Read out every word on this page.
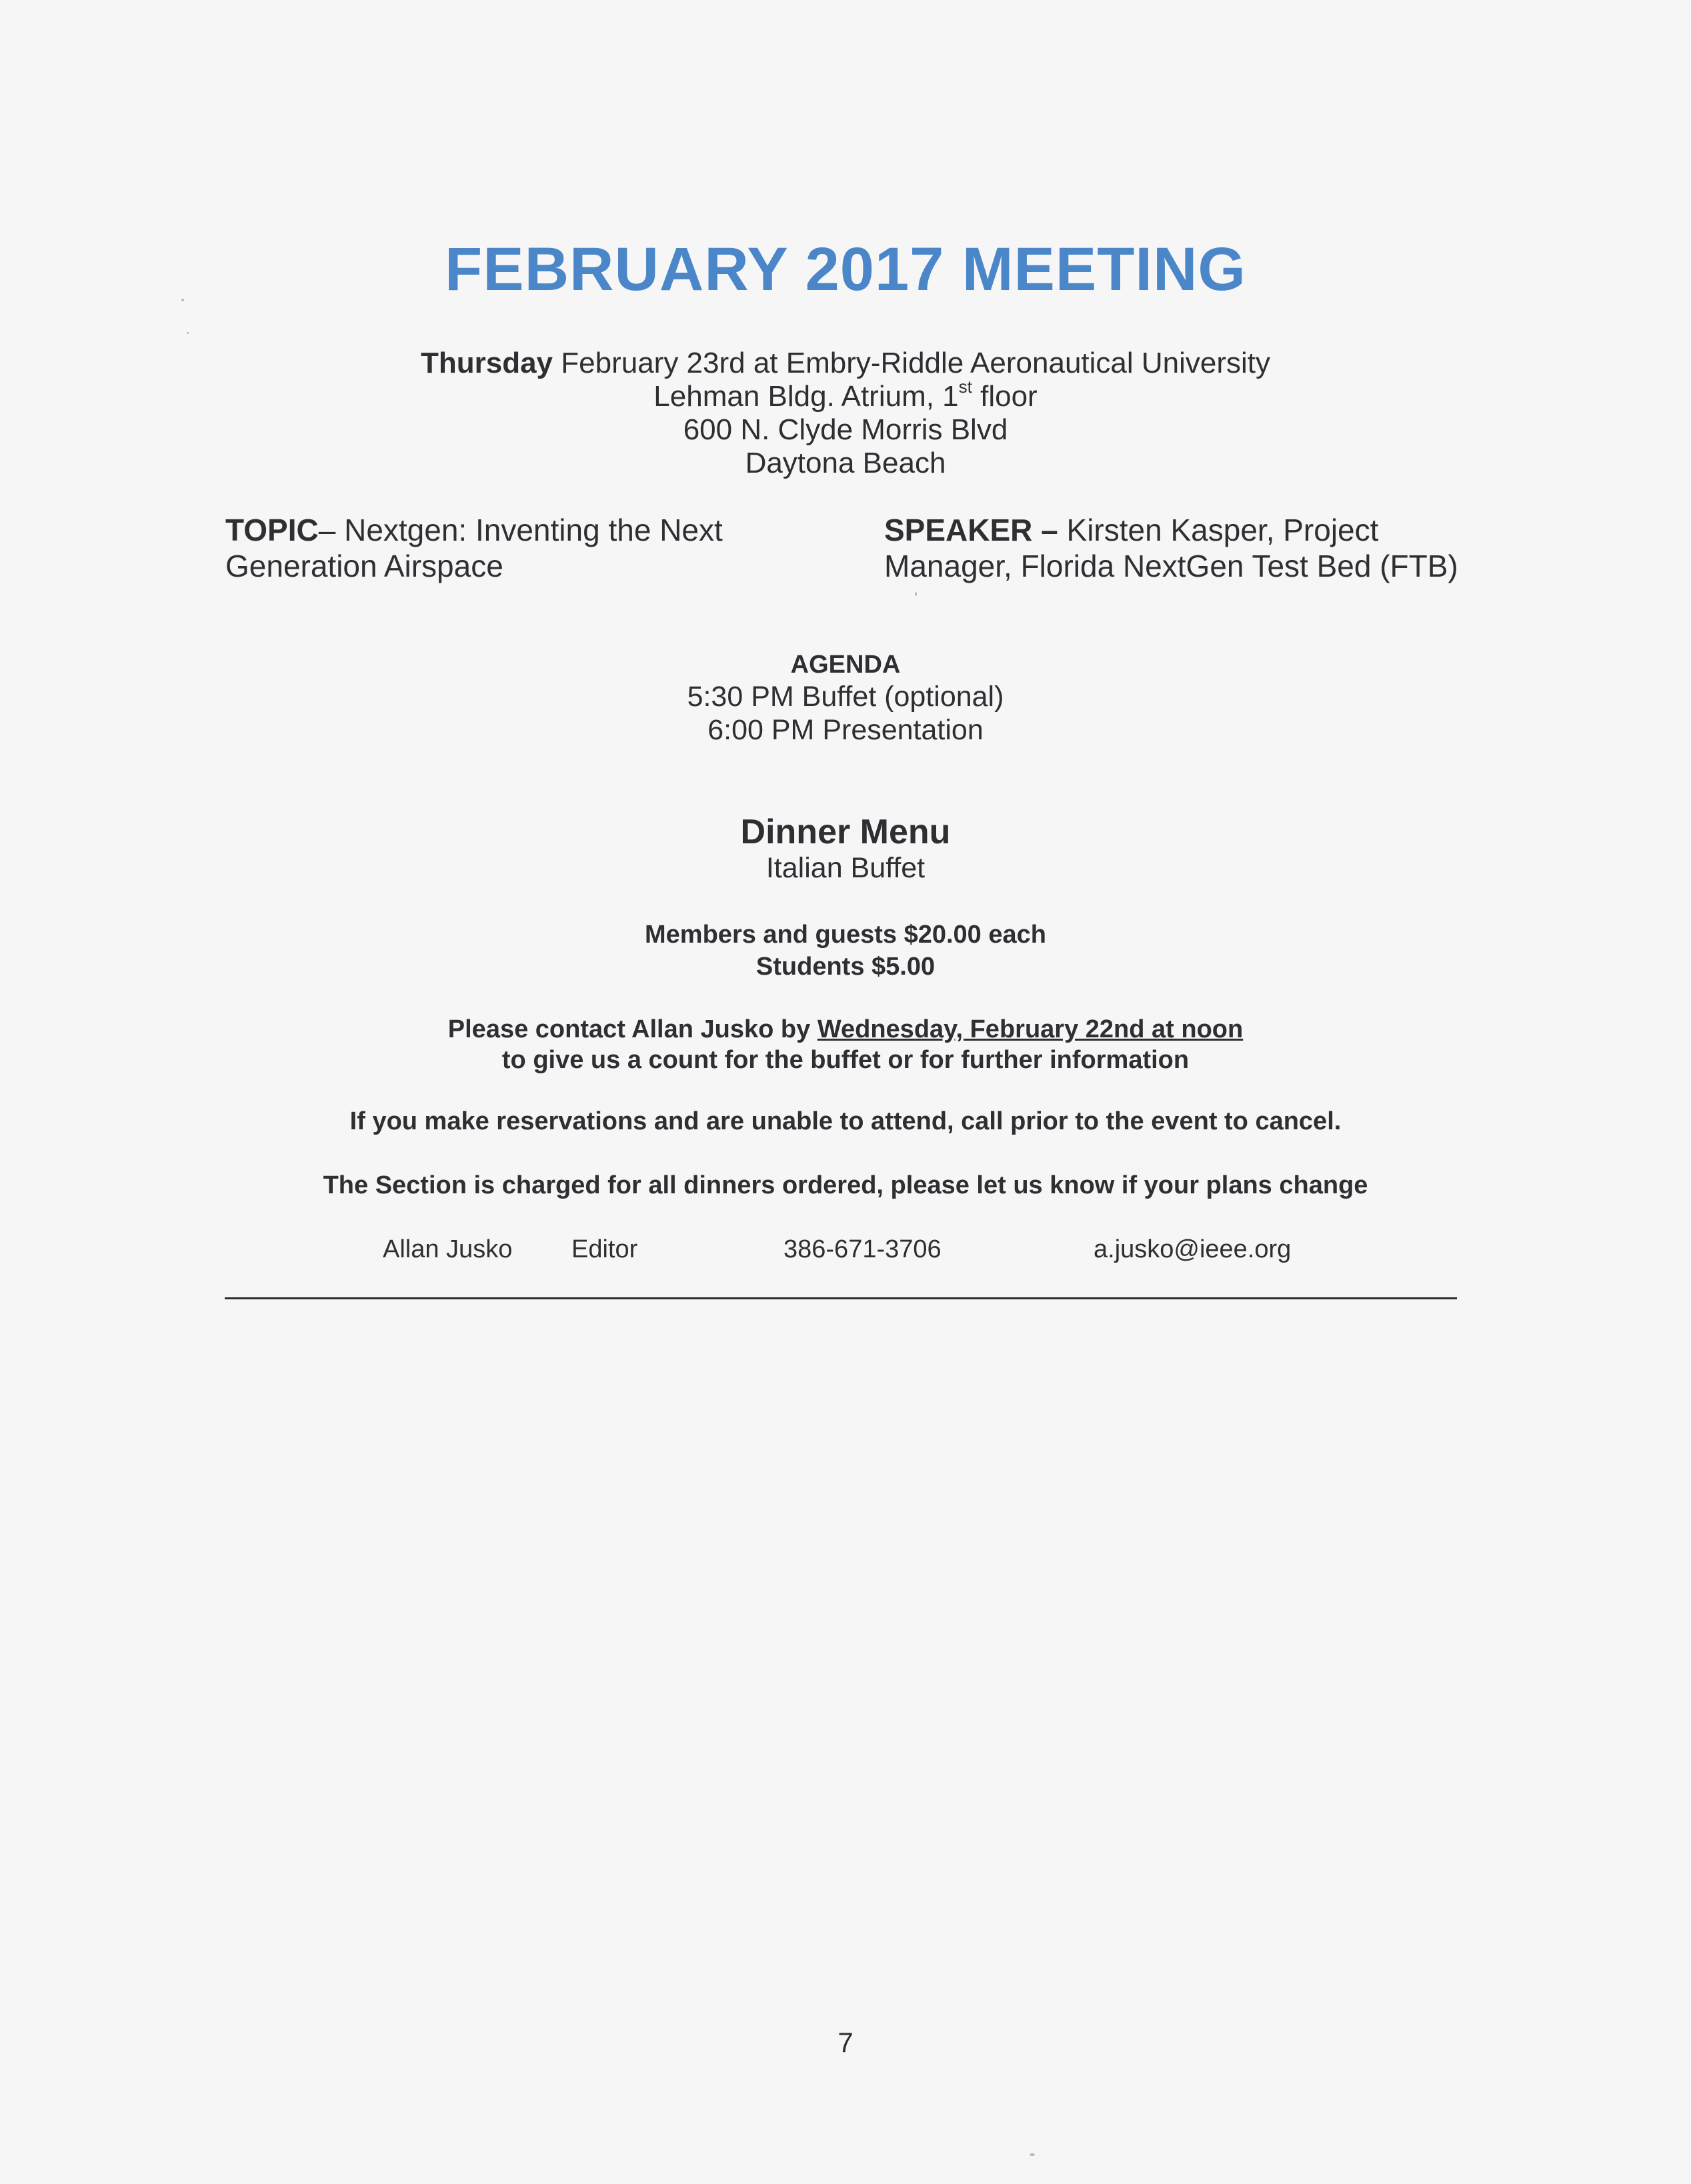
FEBRUARY 2017 MEETING
Thursday February 23rd at Embry-Riddle Aeronautical University
Lehman Bldg. Atrium, 1st floor
600 N. Clyde Morris Blvd
Daytona Beach
TOPIC– Nextgen: Inventing the Next Generation Airspace
SPEAKER – Kirsten Kasper, Project Manager, Florida NextGen Test Bed (FTB)
AGENDA
5:30 PM Buffet (optional)
6:00 PM Presentation
Dinner Menu
Italian Buffet
Members and guests $20.00 each
Students $5.00
Please contact Allan Jusko by Wednesday, February 22nd at noon
to give us a count for the buffet or for further information
If you make reservations and are unable to attend, call prior to the event to cancel.
The Section is charged for all dinners ordered, please let us know if your plans change
Allan Jusko Editor	386-671-3706	a.jusko@ieee.org
7
